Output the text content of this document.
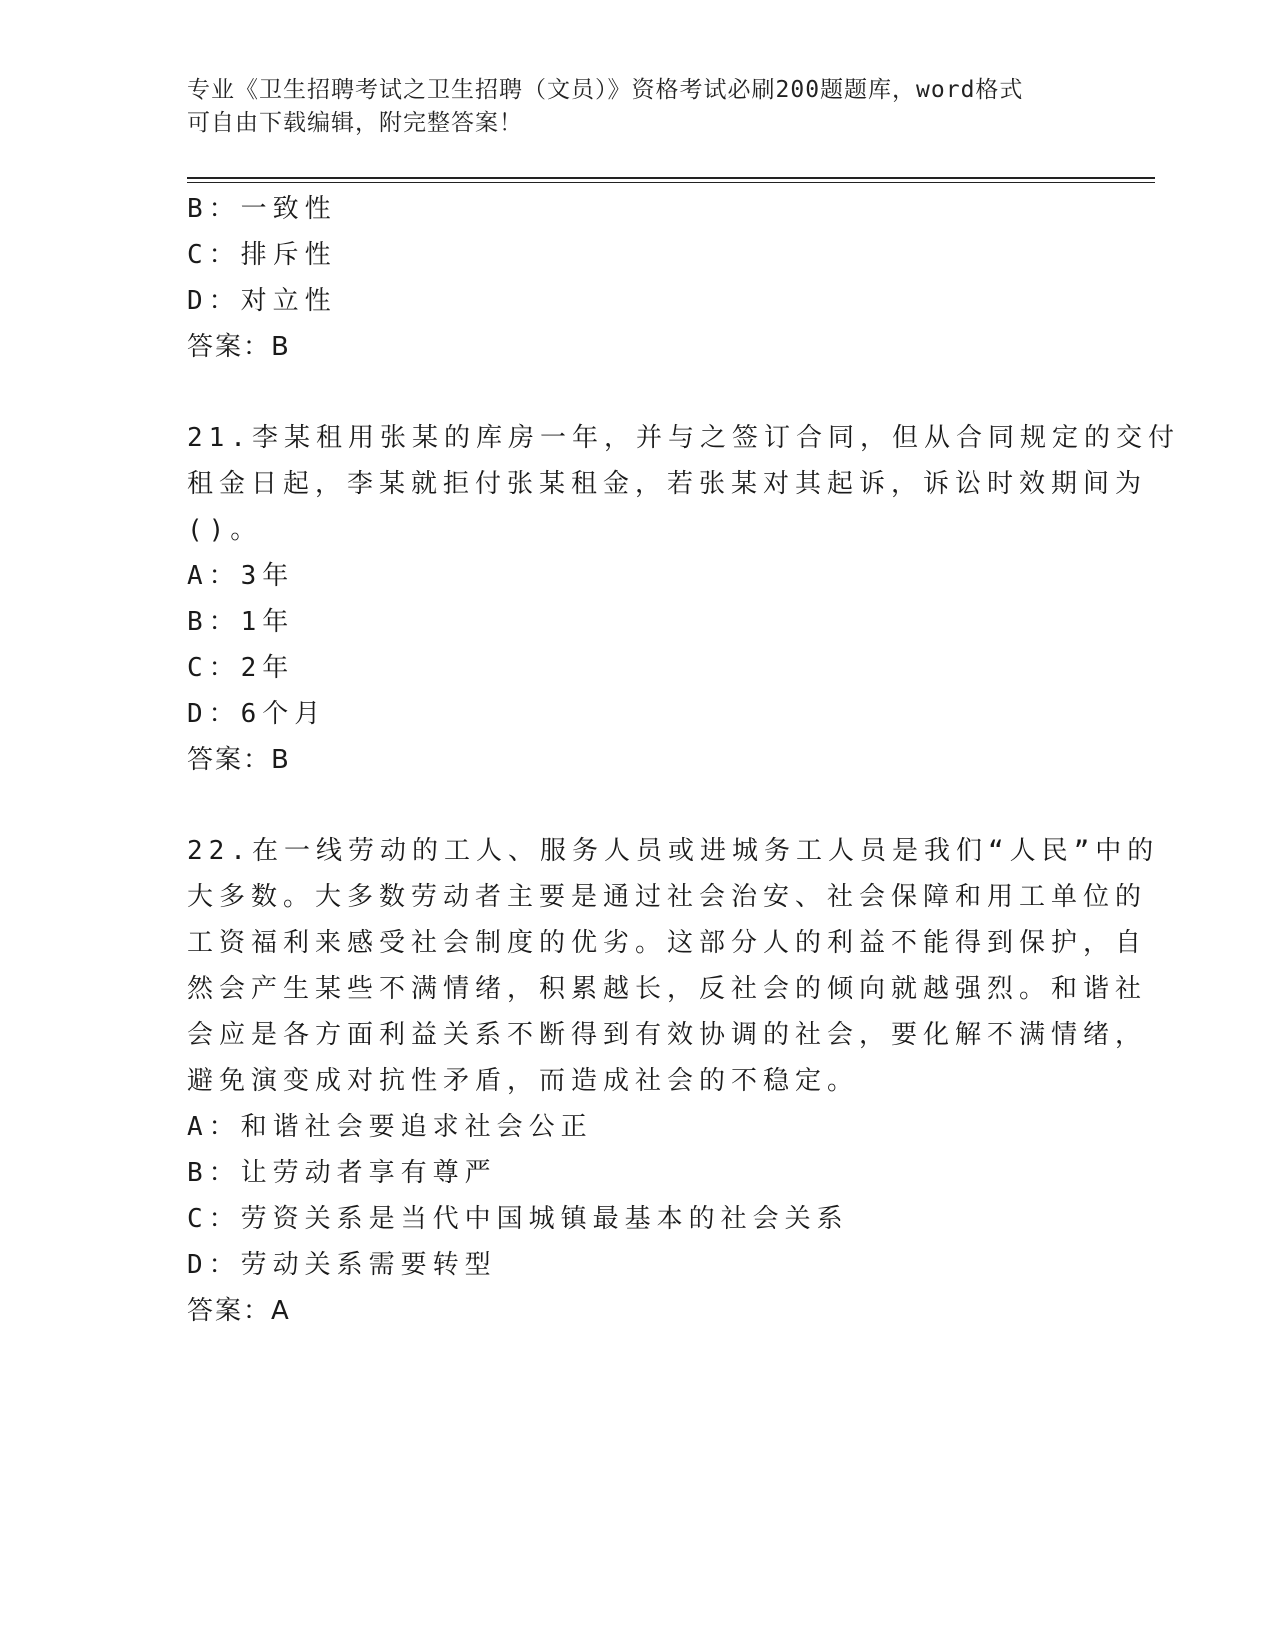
专业《卫生招聘考试之卫生招聘（文员）》资格考试必刷200题题库，word格式
可自由下载编辑，附完整答案！
B：一致性
C：排斥性
D：对立性
答案：B
21.李某租用张某的库房一年，并与之签订合同，但从合同规定的交付
租金日起，李某就拒付张某租金，若张某对其起诉，诉讼时效期间为
()。
A：3年
B：1年
C：2年
D：6个月
答案：B
22.在一线劳动的工人、服务人员或进城务工人员是我们“人民”中的
大多数。大多数劳动者主要是通过社会治安、社会保障和用工单位的
工资福利来感受社会制度的优劣。这部分人的利益不能得到保护，自
然会产生某些不满情绪，积累越长，反社会的倾向就越强烈。和谐社
会应是各方面利益关系不断得到有效协调的社会，要化解不满情绪，
避免演变成对抗性矛盾，而造成社会的不稳定。
A：和谐社会要追求社会公正
B：让劳动者享有尊严
C：劳资关系是当代中国城镇最基本的社会关系
D：劳动关系需要转型
答案：A
